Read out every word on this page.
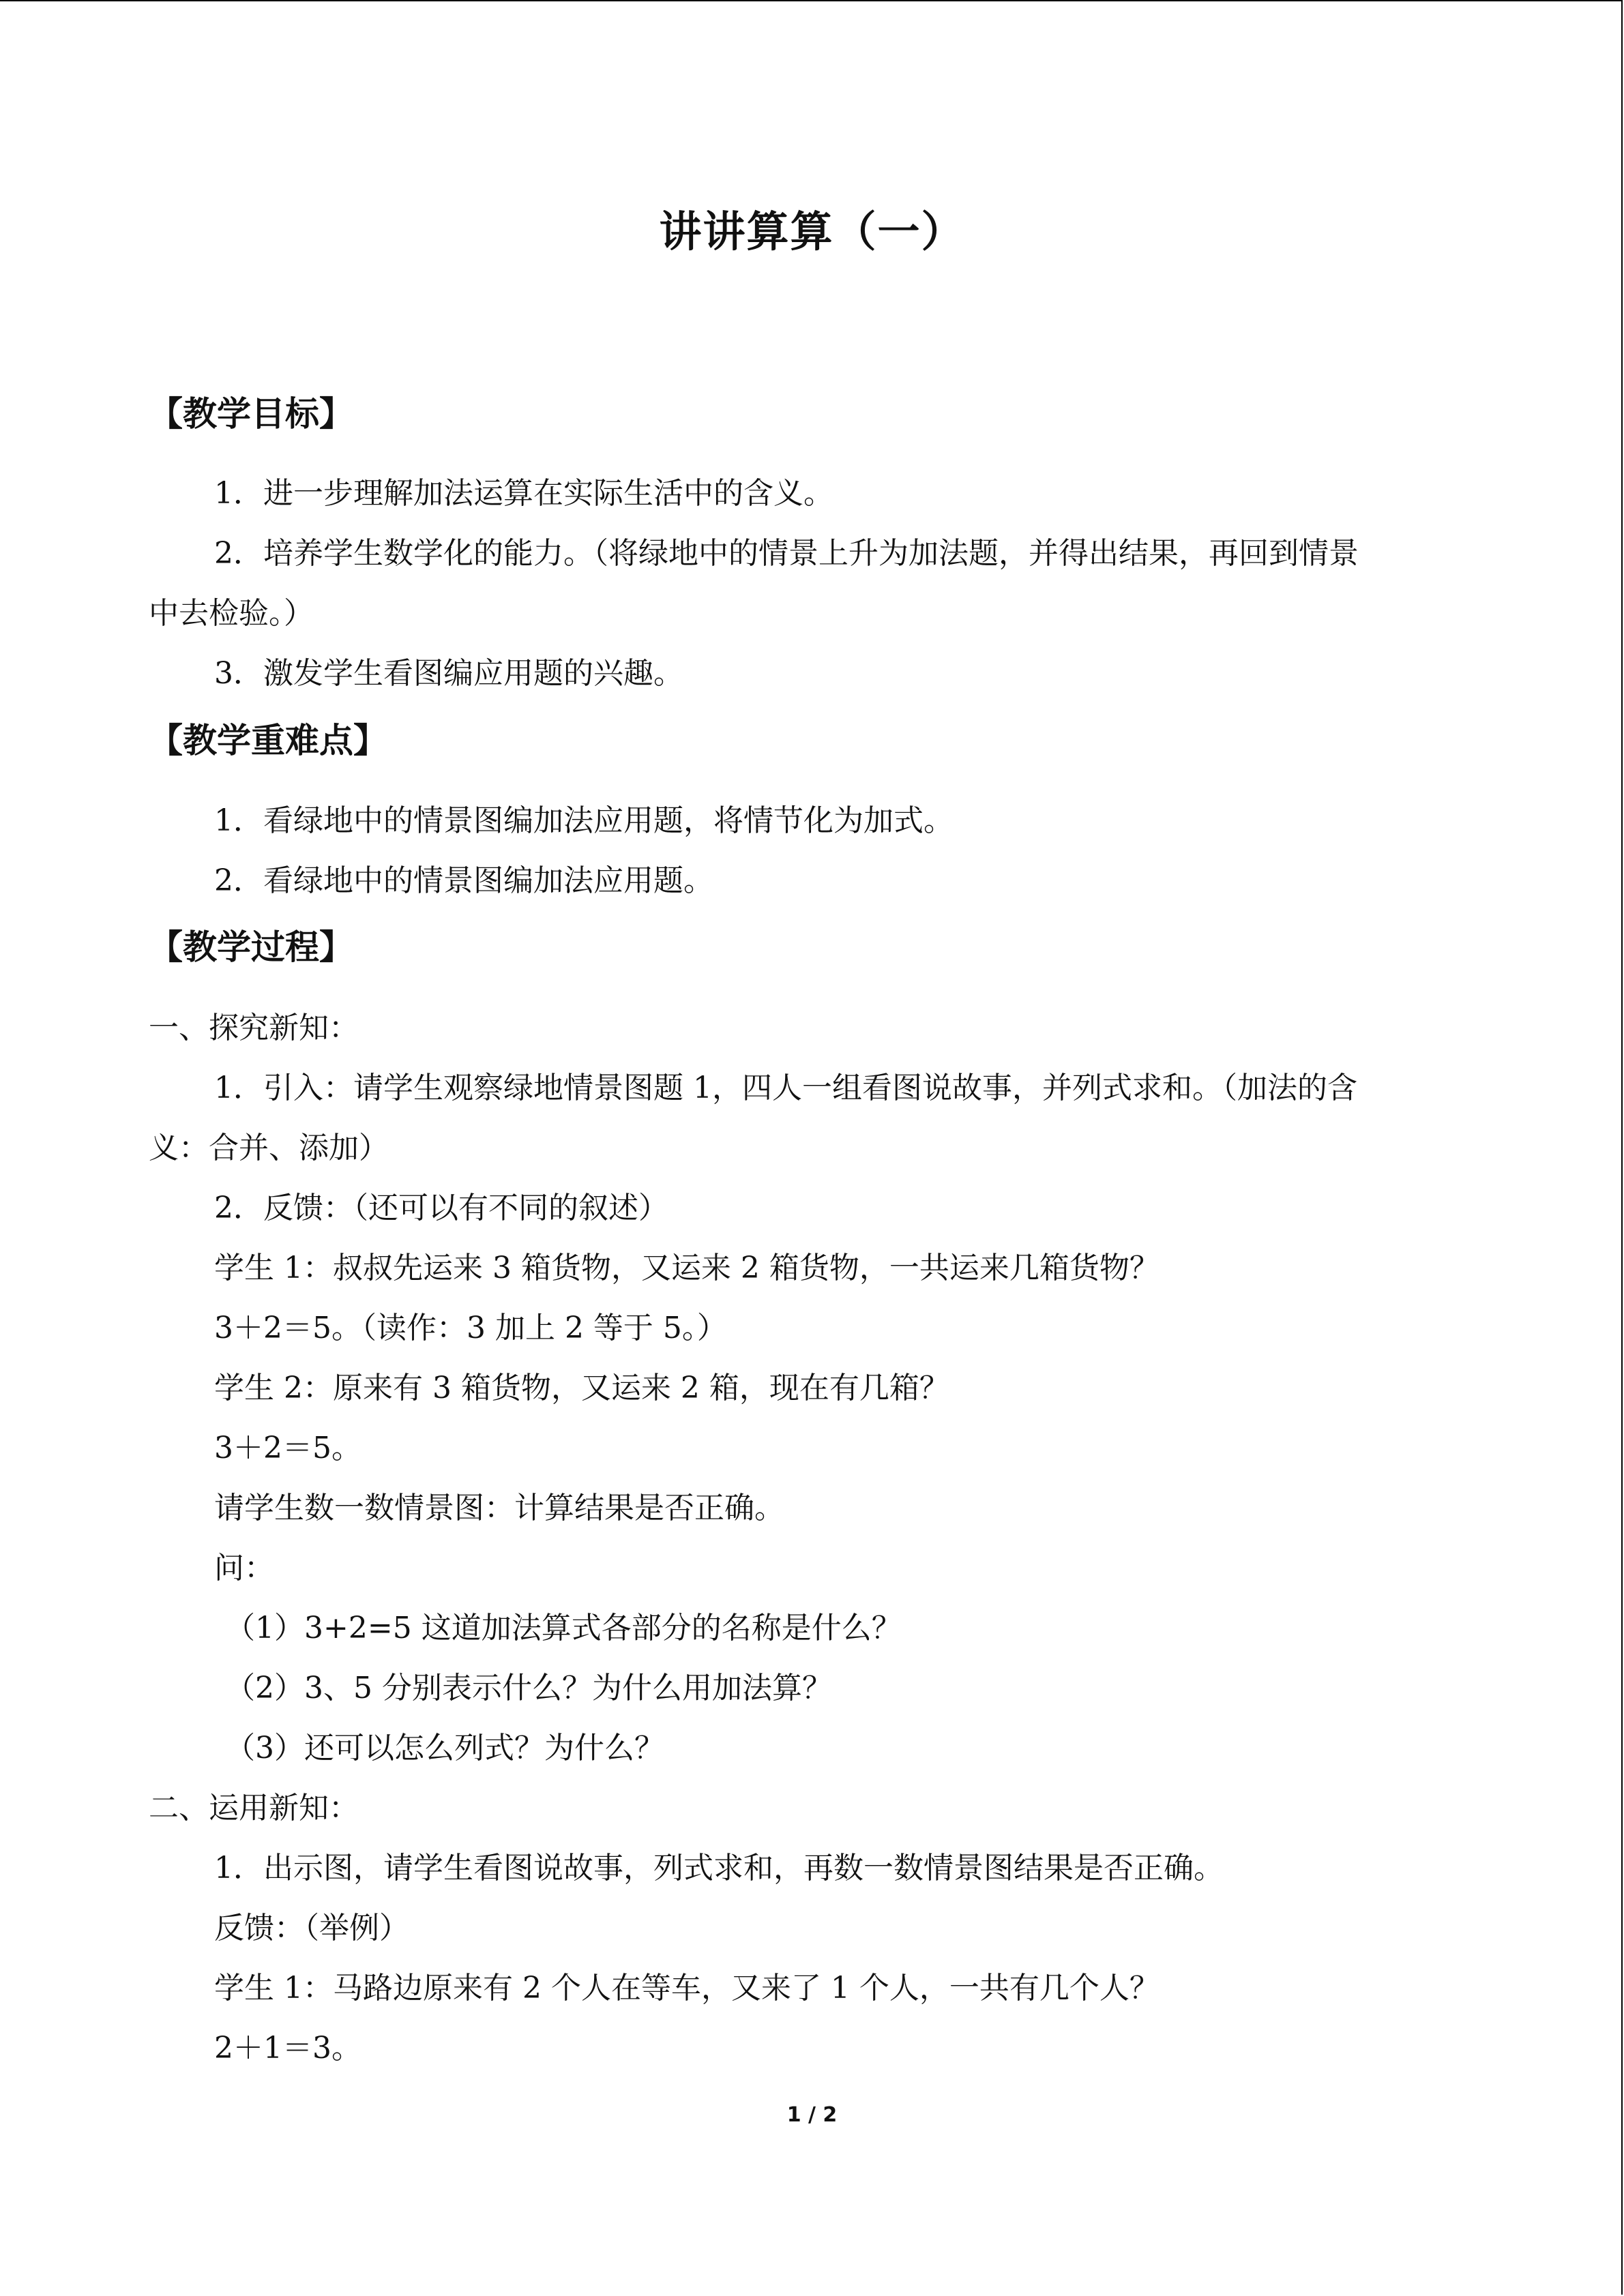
讲讲算算（一）
【教学目标】

1．进一步理解加法运算在实际生活中的含义。

2．培养学生数学化的能力。（将绿地中的情景上升为加法题，并得出结果，再回到情景

中去检验。）

3．激发学生看图编应用题的兴趣。

【教学重难点】

1．看绿地中的情景图编加法应用题，将情节化为加式。

2．看绿地中的情景图编加法应用题。

【教学过程】

一、探究新知：

1．引入：请学生观察绿地情景图题 1，四人一组看图说故事，并列式求和。（加法的含

义：合并、添加）

2．反馈：（还可以有不同的叙述）

学生 1：叔叔先运来 3 箱货物，又运来 2 箱货物，一共运来几箱货物？

3＋2＝5。（读作：3 加上 2 等于 5。）

学生 2：原来有 3 箱货物，又运来 2 箱，现在有几箱？

3＋2＝5。

请学生数一数情景图：计算结果是否正确。

问：

（1）3+2=5 这道加法算式各部分的名称是什么？

（2）3、5 分别表示什么？为什么用加法算？

（3）还可以怎么列式？为什么？

二、运用新知：

1．出示图，请学生看图说故事，列式求和，再数一数情景图结果是否正确。

反馈：（举例）

学生 1：马路边原来有 2 个人在等车，又来了 1 个人，一共有几个人？

2＋1＝3。

1 / 2
